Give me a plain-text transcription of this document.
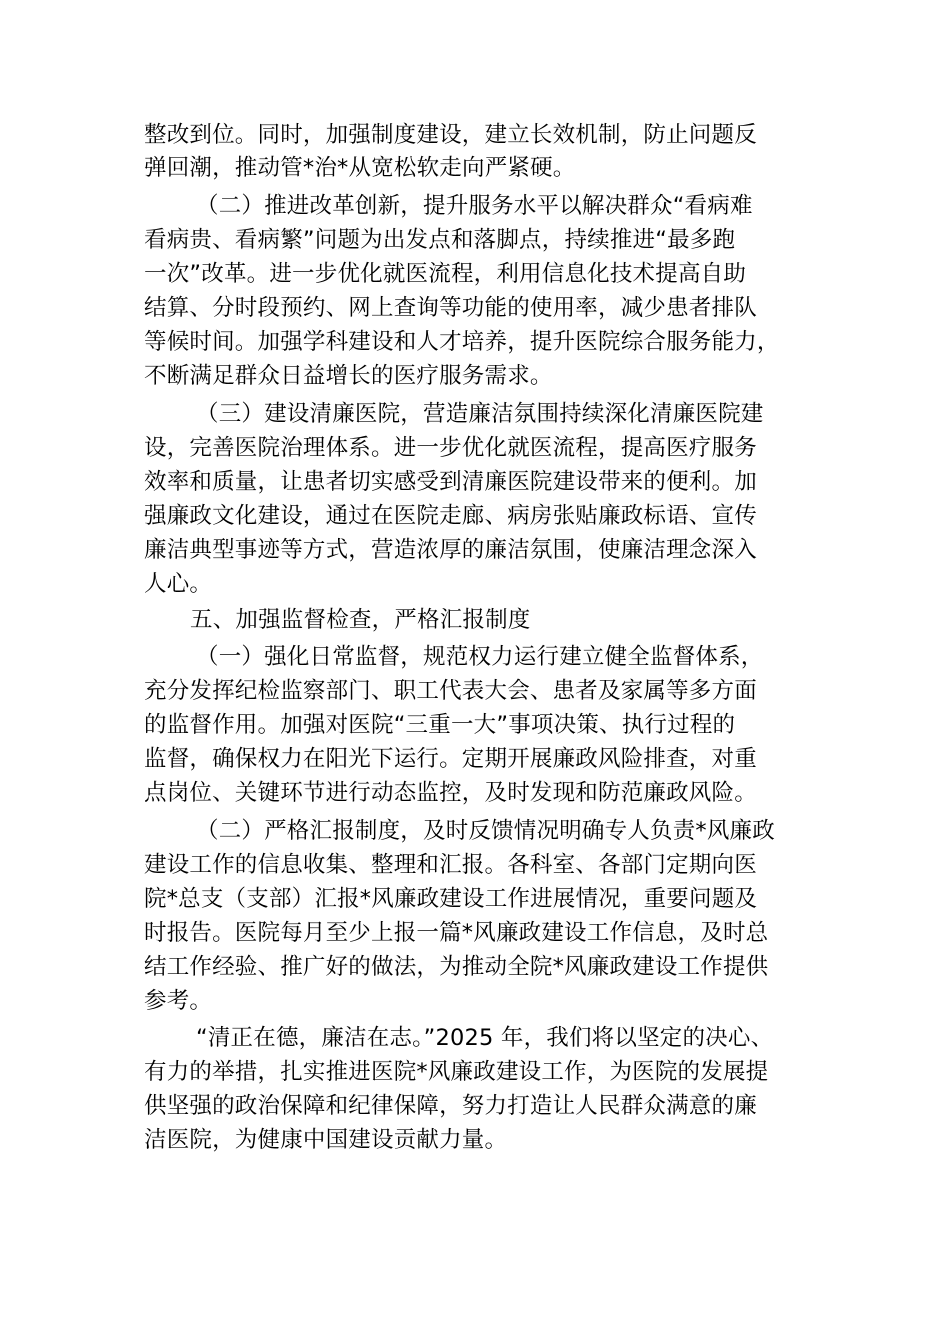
整改到位。同时，加强制度建设，建立长效机制，防止问题反
弹回潮，推动管*治*从宽松软走向严紧硬。
（二）推进改革创新，提升服务水平以解决群众“看病难
看病贵、看病繁”问题为出发点和落脚点，持续推进“最多跑
一次”改革。进一步优化就医流程，利用信息化技术提高自助
结算、分时段预约、网上查询等功能的使用率，减少患者排队
等候时间。加强学科建设和人才培养，提升医院综合服务能力，
不断满足群众日益增长的医疗服务需求。
（三）建设清廉医院，营造廉洁氛围持续深化清廉医院建
设，完善医院治理体系。进一步优化就医流程，提高医疗服务
效率和质量，让患者切实感受到清廉医院建设带来的便利。加
强廉政文化建设，通过在医院走廊、病房张贴廉政标语、宣传
廉洁典型事迹等方式，营造浓厚的廉洁氛围，使廉洁理念深入
人心。
五、加强监督检查，严格汇报制度
（一）强化日常监督，规范权力运行建立健全监督体系，
充分发挥纪检监察部门、职工代表大会、患者及家属等多方面
的监督作用。加强对医院“三重一大”事项决策、执行过程的
监督，确保权力在阳光下运行。定期开展廉政风险排查，对重
点岗位、关键环节进行动态监控，及时发现和防范廉政风险。
（二）严格汇报制度，及时反馈情况明确专人负责*风廉政
建设工作的信息收集、整理和汇报。各科室、各部门定期向医
院*总支（支部）汇报*风廉政建设工作进展情况，重要问题及
时报告。医院每月至少上报一篇*风廉政建设工作信息，及时总
结工作经验、推广好的做法，为推动全院*风廉政建设工作提供
参考。
“清正在德，廉洁在志。”2025 年，我们将以坚定的决心、
有力的举措，扎实推进医院*风廉政建设工作，为医院的发展提
供坚强的政治保障和纪律保障，努力打造让人民群众满意的廉
洁医院，为健康中国建设贡献力量。
